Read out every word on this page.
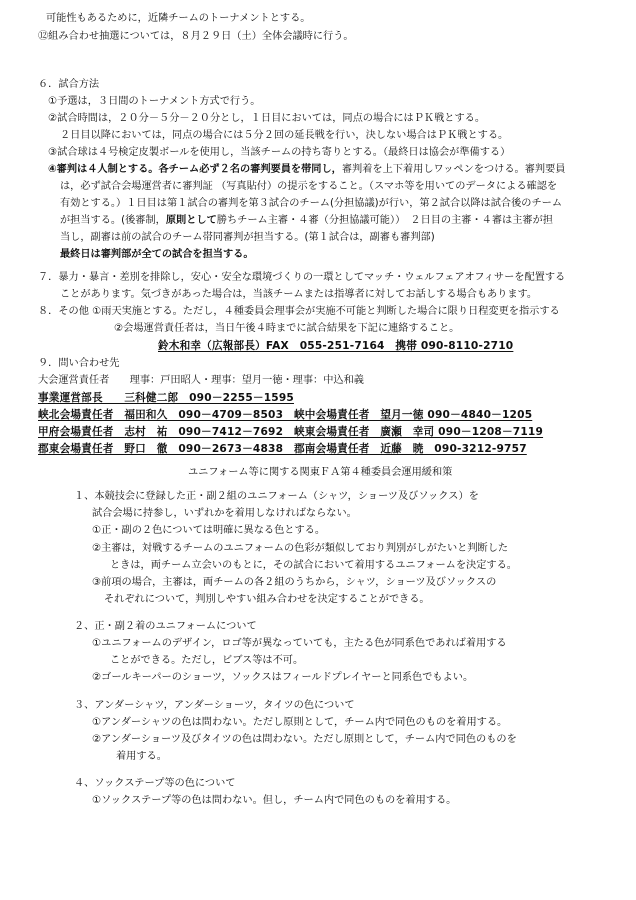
可能性もあるために，近隣チームのトーナメントとする。
⑫組み合わせ抽選については，８月２９日（土）全体会議時に行う。
６．試合方法
①予選は，３日間のトーナメント方式で行う。
②試合時間は，２０分－５分－２０分とし，１日目においては，同点の場合にはＰＫ戦とする。
２日目以降においては，同点の場合には５分２回の延長戦を行い，決しない場合はＰＫ戦とする。
③試合球は４号検定皮製ボールを使用し，当該チームの持ち寄りとする。（最終日は協会が準備する）
④審判は４人制とする。各チーム必ず２名の審判要員を帯同し，審判着を上下着用しワッペンをつける。審判要員
は，必ず試合会場運営者に審判証 （写真貼付）の提示をすること。（スマホ等を用いてのデータによる確認を
有効とする。）１日目は第１試合の審判を第３試合のチーム(分担協議)が行い，第２試合以降は試合後のチーム
が担当する。(後審制，原則として勝ちチーム主審・４審（分担協議可能））　２日目の主審・４審は主審が担
当し，副審は前の試合のチーム帯同審判が担当する。(第１試合は，副審も審判部)
最終日は審判部が全ての試合を担当する。
７．暴力・暴言・差別を排除し，安心・安全な環境づくりの一環としてマッチ・ウェルフェアオフィサーを配置する
ことがあります。気づきがあった場合は，当該チームまたは指導者に対してお話しする場合もあります。
８．その他 ①雨天実施とする。ただし，４種委員会理事会が実施不可能と判断した場合に限り日程変更を指示する
②会場運営責任者は，当日午後４時までに試合結果を下記に連絡すること。
鈴木和幸（広報部長）FAX　055-251-7164　携帯 090-8110-2710
９．問い合わせ先
大会運営責任者　　理事：戸田昭人・理事：望月一徳・理事：中込和義
事業運営部長　　三科健二郎　090－2255－1595
峡北会場責任者　福田和久　090－4709－8503　峡中会場責任者　望月一徳 090－4840－1205
甲府会場責任者　志村　祐　090－7412－7692　峡東会場責任者　廣瀬　幸司 090－1208－7119
郡東会場責任者　野口　徹　090－2673－4838　郡南会場責任者　近藤　暁　090-3212-9757
ユニフォーム等に関する関東ＦＡ第４種委員会運用緩和策
１、本競技会に登録した正・副２組のユニフォーム（シャツ，ショーツ及びソックス）を
試合会場に持参し，いずれかを着用しなければならない。
①正・副の２色については明確に異なる色とする。
②主審は，対戦するチームのユニフォームの色彩が類似しており判別がしがたいと判断した
ときは，両チーム立会いのもとに，その試合において着用するユニフォームを決定する。
③前項の場合，主審は，両チームの各２組のうちから，シャツ，ショーツ及びソックスの
それぞれについて，判別しやすい組み合わせを決定することができる。
２、正・副２着のユニフォームについて
①ユニフォームのデザイン，ロゴ等が異なっていても，主たる色が同系色であれば着用する
ことができる。ただし，ビブス等は不可。
②ゴールキーパーのショーツ，ソックスはフィールドプレイヤーと同系色でもよい。
３、アンダーシャツ，アンダーショーツ，タイツの色について
①アンダーシャツの色は問わない。ただし原則として，チーム内で同色のものを着用する。
②アンダーショーツ及びタイツの色は問わない。ただし原則として，チーム内で同色のものを
着用する。
４、ソックステープ等の色について
①ソックステープ等の色は問わない。但し，チーム内で同色のものを着用する。
